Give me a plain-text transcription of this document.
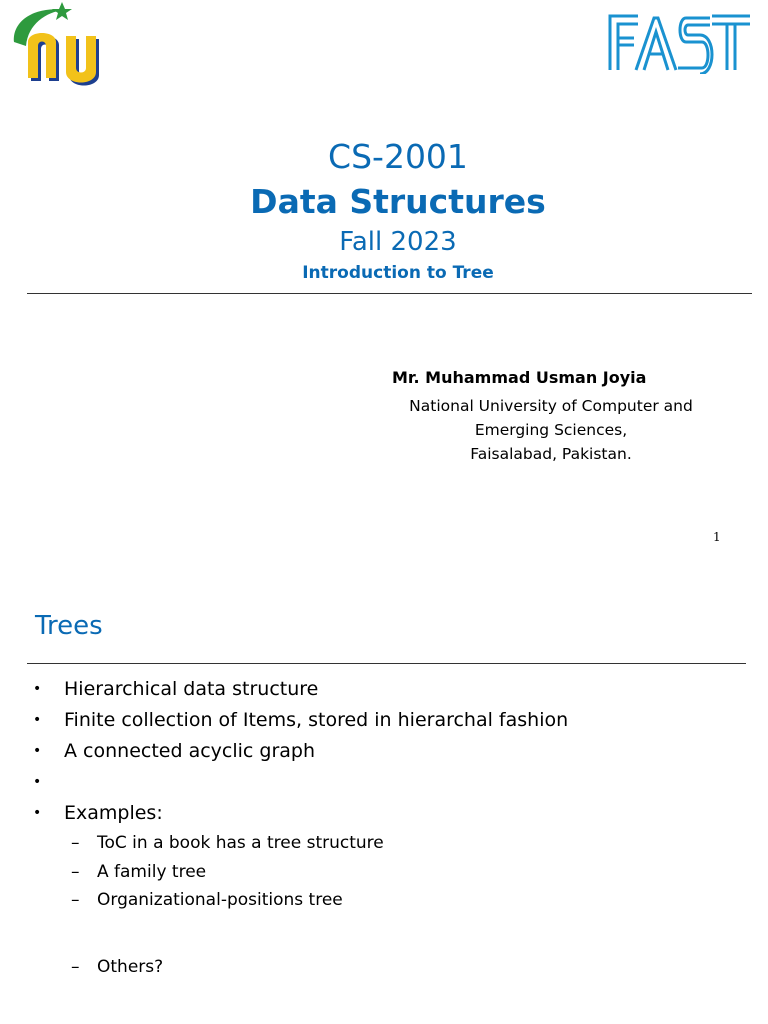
CS-2001
Data Structures
Fall 2023
Introduction to Tree
Mr. Muhammad Usman Joyia
National University of Computer and
Emerging Sciences,
Faisalabad, Pakistan.
1
Trees
• Hierarchical data structure
• Finite collection of Items, stored in hierarchal fashion
• A connected acyclic graph
•
• Examples:
– ToC in a book has a tree structure
– A family tree
– Organizational-positions tree
– Others?
